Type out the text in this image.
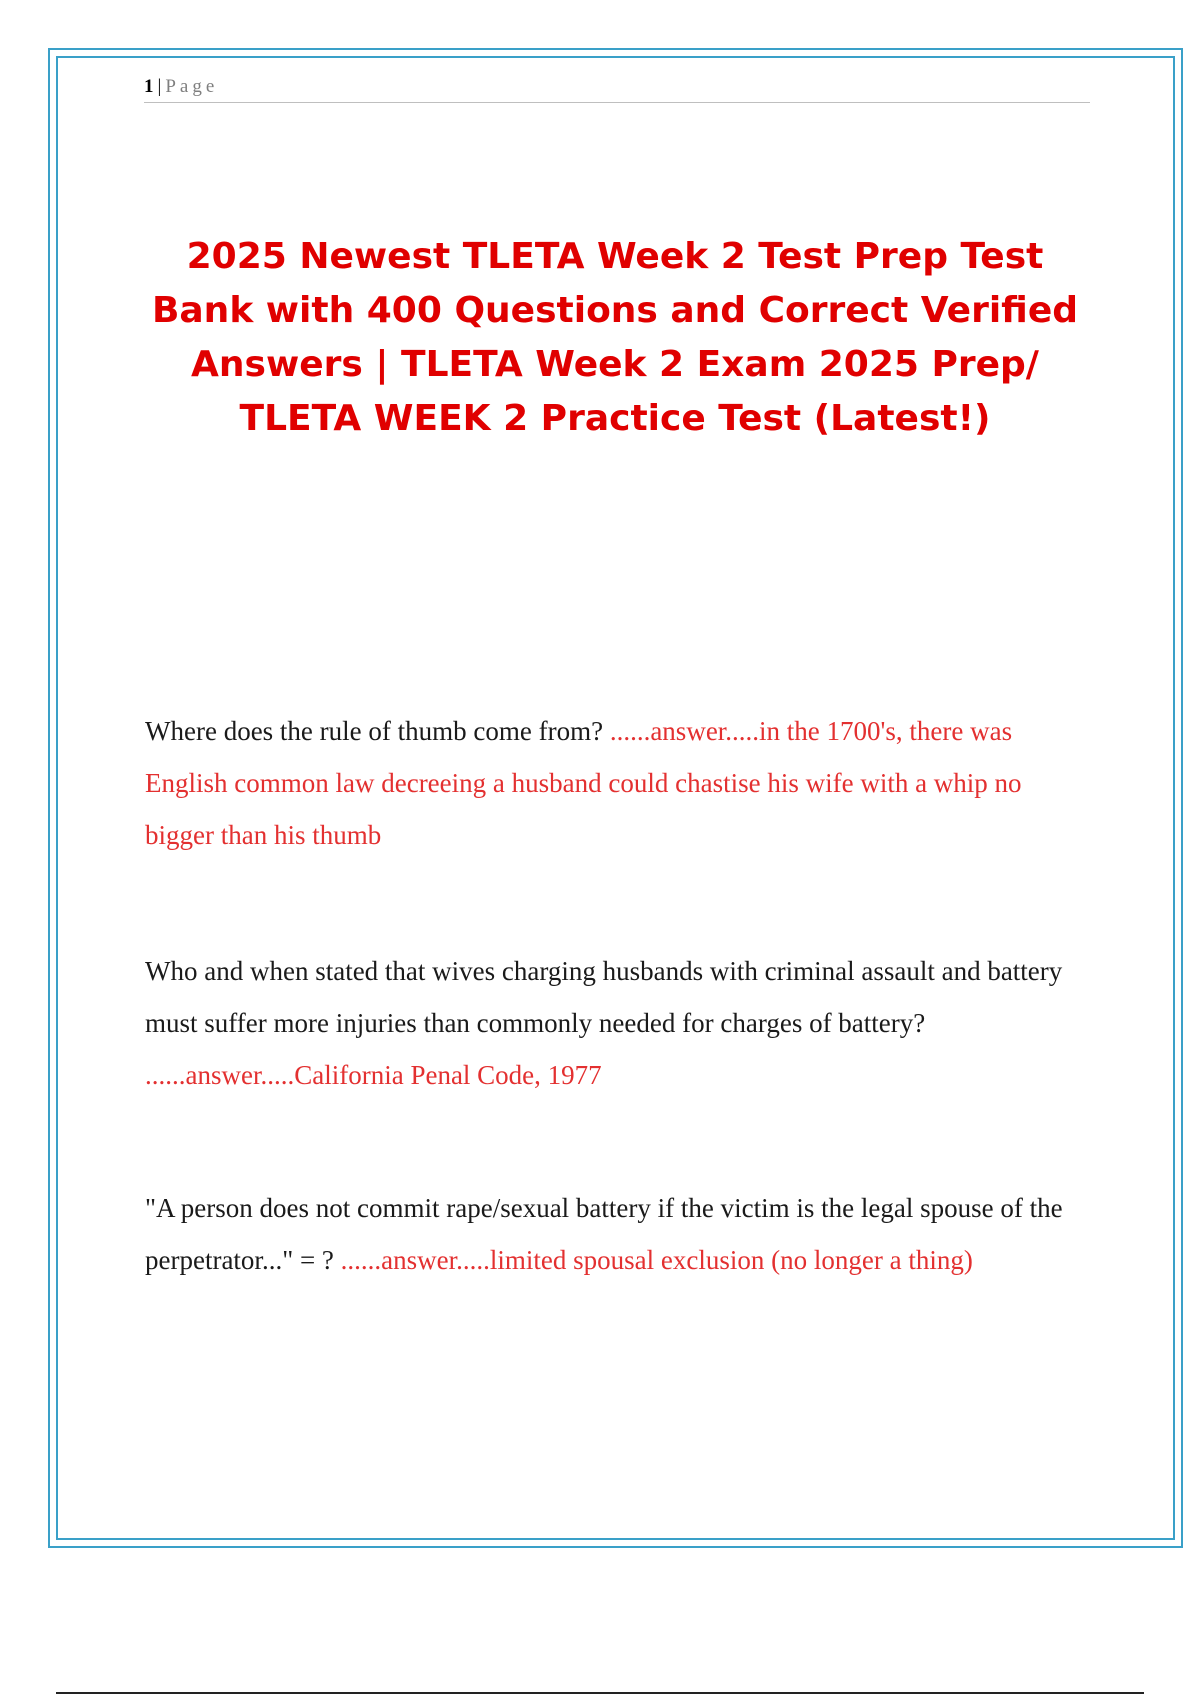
1 | Page
2025 Newest TLETA Week 2 Test Prep Test Bank with 400 Questions and Correct Verified Answers | TLETA Week 2 Exam 2025 Prep/ TLETA WEEK 2 Practice Test (Latest!)

Where does the rule of thumb come from? ......answer.....in the 1700's, there was English common law decreeing a husband could chastise his wife with a whip no bigger than his thumb

Who and when stated that wives charging husbands with criminal assault and battery must suffer more injuries than commonly needed for charges of battery? ......answer.....California Penal Code, 1977

"A person does not commit rape/sexual battery if the victim is the legal spouse of the perpetrator..." = ? ......answer.....limited spousal exclusion (no longer a thing)
